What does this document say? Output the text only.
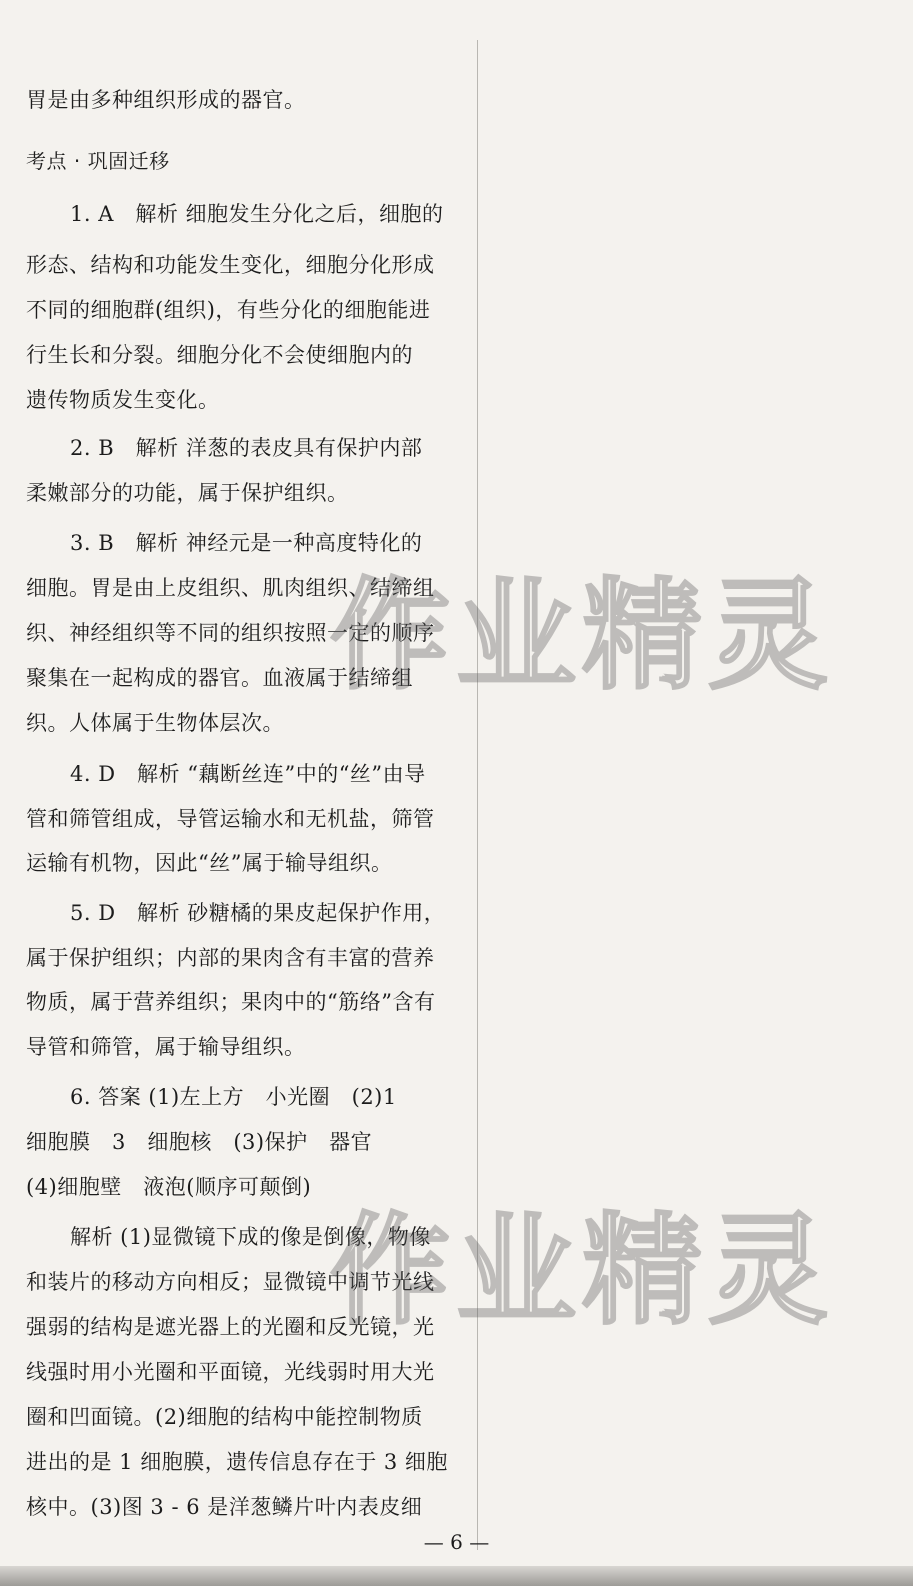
胃是由多种组织形成的器官。
考点 · 巩固迁移
1. A　解析 细胞发生分化之后，细胞的
形态、结构和功能发生变化，细胞分化形成
不同的细胞群(组织)，有些分化的细胞能进
行生长和分裂。细胞分化不会使细胞内的
遗传物质发生变化。
2. B　解析 洋葱的表皮具有保护内部
柔嫩部分的功能，属于保护组织。
3. B　解析 神经元是一种高度特化的
细胞。胃是由上皮组织、肌肉组织、结缔组
织、神经组织等不同的组织按照一定的顺序
聚集在一起构成的器官。血液属于结缔组
织。人体属于生物体层次。
4. D　解析 “藕断丝连”中的“丝”由导
管和筛管组成，导管运输水和无机盐，筛管
运输有机物，因此“丝”属于输导组织。
5. D　解析 砂糖橘的果皮起保护作用，
属于保护组织；内部的果肉含有丰富的营养
物质，属于营养组织；果肉中的“筋络”含有
导管和筛管，属于输导组织。
6. 答案 (1)左上方　小光圈　(2)1
细胞膜　3　细胞核　(3)保护　器官
(4)细胞壁　液泡(顺序可颠倒)
解析 (1)显微镜下成的像是倒像，物像
和装片的移动方向相反；显微镜中调节光线
强弱的结构是遮光器上的光圈和反光镜，光
线强时用小光圈和平面镜，光线弱时用大光
圈和凹面镜。(2)细胞的结构中能控制物质
进出的是 1 细胞膜，遗传信息存在于 3 细胞
核中。(3)图 3 - 6 是洋葱鳞片叶内表皮细
作业精灵
作业精灵
— 6 —
